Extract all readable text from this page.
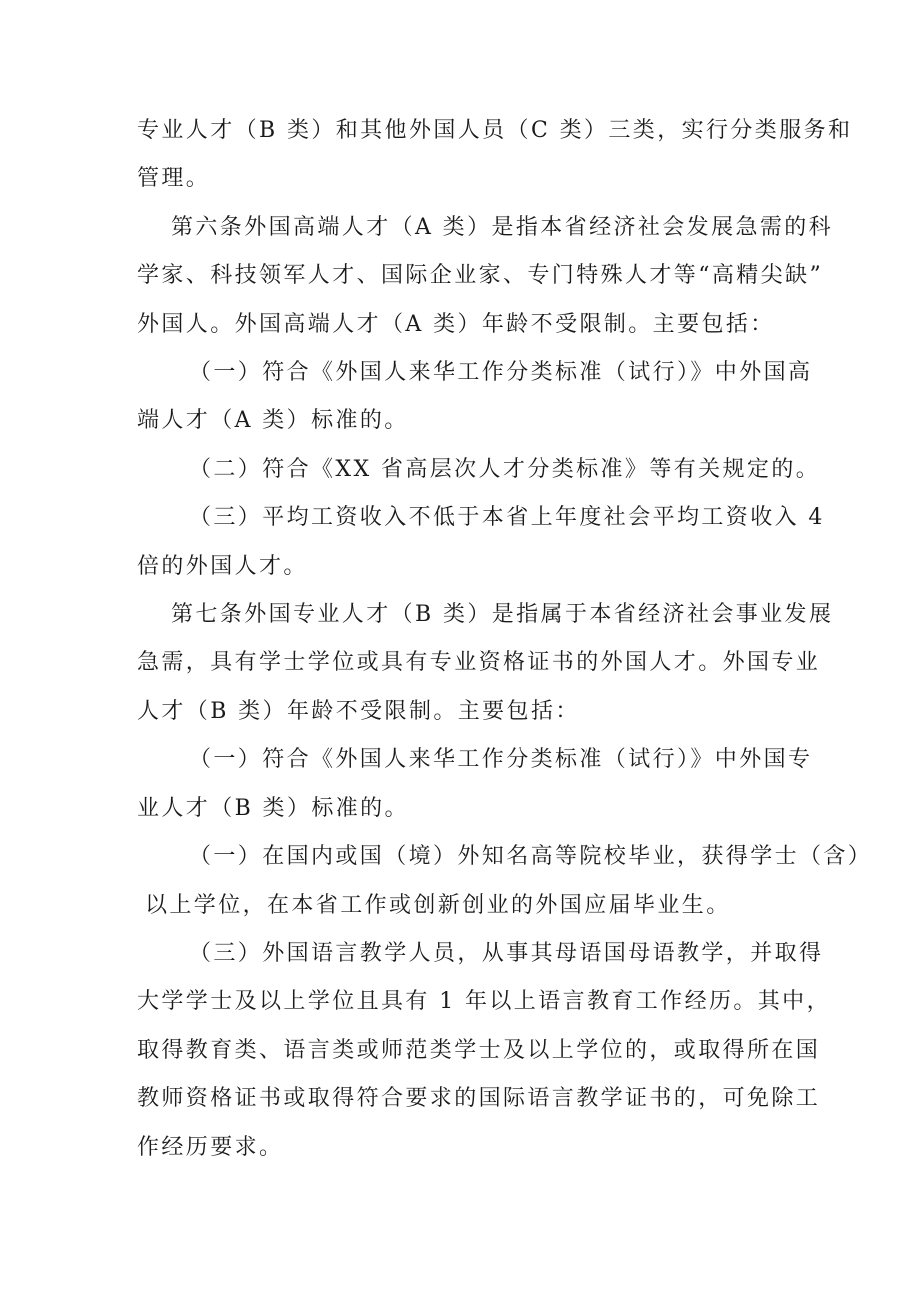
专业人才（B 类）和其他外国人员（C 类）三类，实行分类服务和
管理。
第六条外国高端人才（A 类）是指本省经济社会发展急需的科
学家、科技领军人才、国际企业家、专门特殊人才等“高精尖缺”
外国人。外国高端人才（A 类）年龄不受限制。主要包括：
（一）符合《外国人来华工作分类标准（试行）》中外国高
端人才（A 类）标准的。
（二）符合《XX 省高层次人才分类标准》等有关规定的。
（三）平均工资收入不低于本省上年度社会平均工资收入 4
倍的外国人才。
第七条外国专业人才（B 类）是指属于本省经济社会事业发展
急需，具有学士学位或具有专业资格证书的外国人才。外国专业
人才（B 类）年龄不受限制。主要包括：
（一）符合《外国人来华工作分类标准（试行）》中外国专
业人才（B 类）标准的。
（一）在国内或国（境）外知名高等院校毕业，获得学士（含）
以上学位，在本省工作或创新创业的外国应届毕业生。
（三）外国语言教学人员，从事其母语国母语教学，并取得
大学学士及以上学位且具有 1 年以上语言教育工作经历。其中，
取得教育类、语言类或师范类学士及以上学位的，或取得所在国
教师资格证书或取得符合要求的国际语言教学证书的，可免除工
作经历要求。
